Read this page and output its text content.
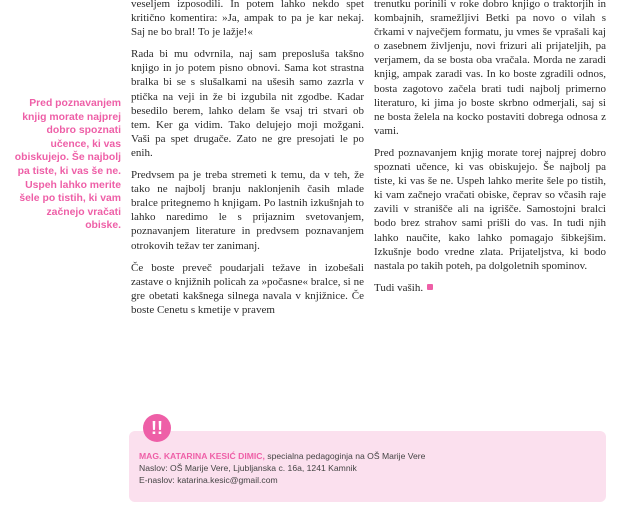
Pred poznavanjem knjig morate najprej dobro spoznati učence, ki vas obiskujejo. Še najbolj pa tiste, ki vas še ne. Uspeh lahko merite šele po tistih, ki vam začnejo vračati obiske.

veseljem izposodili. In potem lahko nekdo spet kritično komentira: »Ja, ampak to pa je kar nekaj. Saj ne bo bral! To je lažje!«

Rada bi mu odvrnila, naj sam preposluša takšno knjigo in jo potem pisno obnovi. Sama kot strastna bralka bi se s slušalkami na ušesih samo zazrla v ptička na veji in že bi izgubila nit zgodbe. Kadar besedilo berem, lahko delam še vsaj tri stvari ob tem. Ker ga vidim. Tako delujejo moji možgani. Vaši pa spet drugače. Zato ne gre presojati le po enih.

Predvsem pa je treba stremeti k temu, da v teh, že tako ne najbolj branju naklonjenih časih mlade bralce pritegnemo h knjigam. Po lastnih izkušnjah to lahko naredimo le s prijaznim svetovanjem, poznavanjem literature in predvsem poznavanjem otrokovih težav ter zanimanj.

Če boste preveč poudarjali težave in izobešali zastave o knjižnih policah za »počasne« bralce, si ne gre obetati kakšnega silnega navala v knjižnice. Če boste Cenetu s kmetije v pravem

trenutku porinili v roke dobro knjigo o traktorjih in kombajnih, sramežljivi Betki pa novo o vilah s črkami v največjem formatu, ju vmes še vprašali kaj o zasebnem življenju, novi frizuri ali prijateljih, pa verjamem, da se bosta oba vračala. Morda ne zaradi knjig, ampak zaradi vas. In ko boste zgradili odnos, bosta zagotovo začela brati tudi najbolj primerno literaturo, ki jima jo boste skrbno odmerjali, saj si ne bosta želela na kocko postaviti dobrega odnosa z vami.

Pred poznavanjem knjig morate torej najprej dobro spoznati učence, ki vas obiskujejo. Še najbolj pa tiste, ki vas še ne. Uspeh lahko merite šele po tistih, ki vam začnejo vračati obiske, čeprav so včasih raje zavili v stranišče ali na igrišče. Samostojni bralci bodo brez strahov sami prišli do vas. In tudi njih lahko naučite, kako lahko pomagajo šibkejšim. Izkušnje bodo vredne zlata. Prijateljstva, ki bodo nastala po takih poteh, pa dolgoletnih spominov.

Tudi vaših.

!!
MAG. KATARINA KESIĆ DIMIC, specialna pedagoginja na OŠ Marije Vere
Naslov: OŠ Marije Vere, Ljubljanska c. 16a, 1241 Kamnik
E-naslov: katarina.kesic@gmail.com
